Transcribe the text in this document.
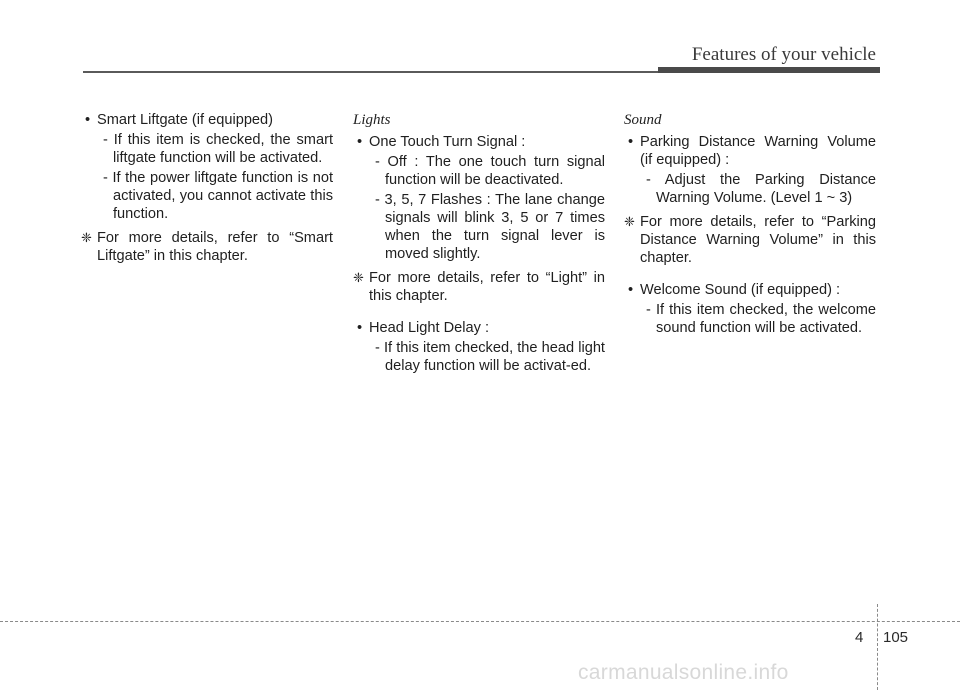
Features of your vehicle
• Smart Liftgate (if equipped)
- If this item is checked, the smart liftgate function will be activated.
- If the power liftgate function is not activated, you cannot activate this function.
❈ For more details, refer to “Smart Liftgate” in this chapter.
Lights
• One Touch Turn Signal :
- Off : The one touch turn signal function will be deactivated.
- 3, 5, 7 Flashes : The lane change signals will blink 3, 5 or 7 times when the turn signal lever is moved slightly.
❈ For more details, refer to “Light” in this chapter.
• Head Light Delay :
- If this item checked, the head light delay function will be activat-ed.
Sound
• Parking Distance Warning Volume (if equipped) :
- Adjust the Parking Distance Warning Volume. (Level 1 ~ 3)
❈ For more details, refer to “Parking Distance Warning Volume” in this chapter.
• Welcome Sound (if equipped) :
- If this item checked, the welcome sound function will be activated.
4 105
carmanualsonline.info
